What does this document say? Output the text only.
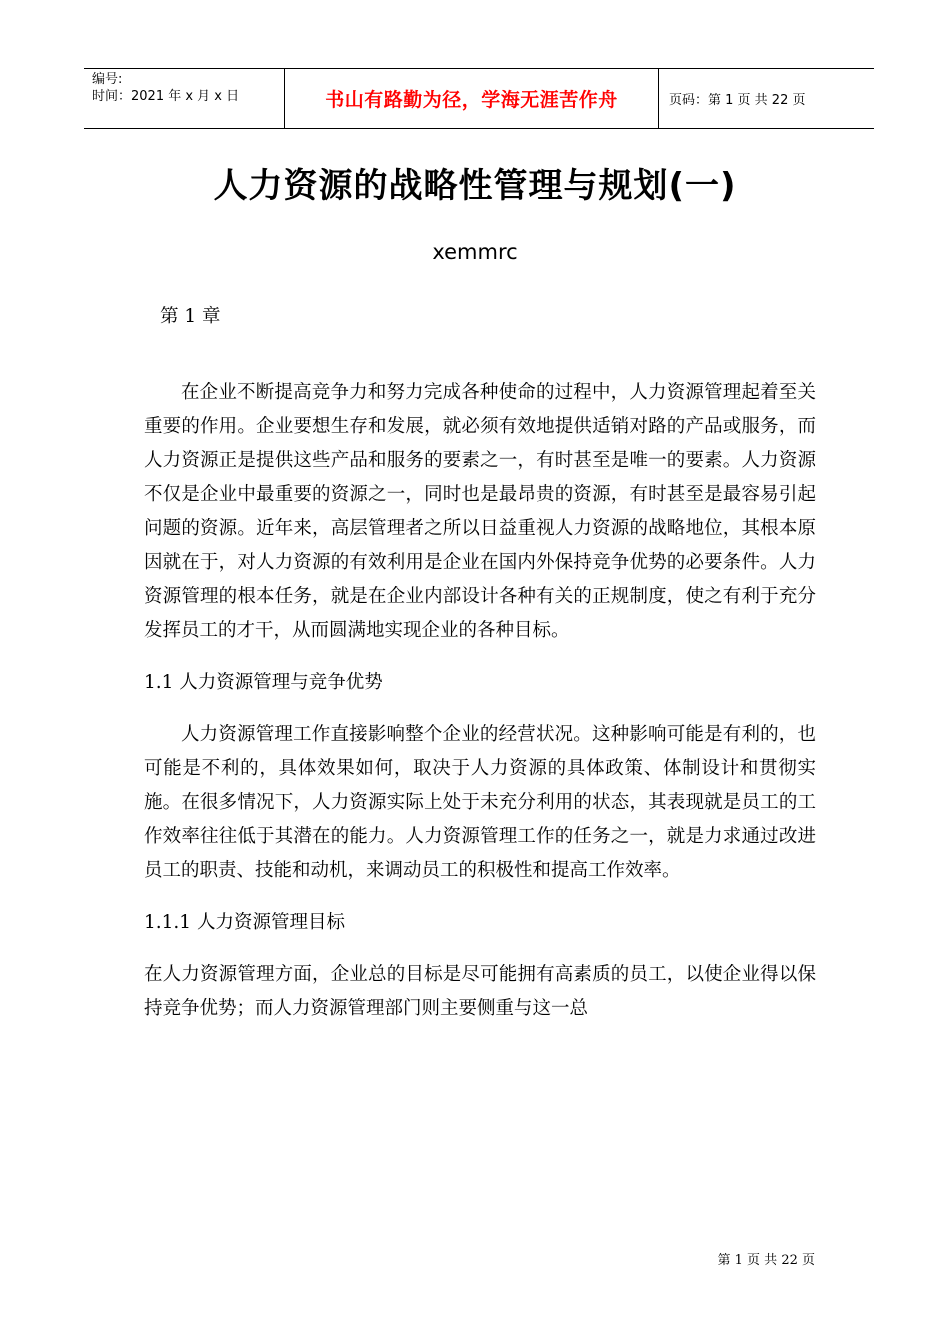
编号:
时间：2021 年 x 月 x 日	书山有路勤为径，学海无涯苦作舟	页码：第 1 页 共 22 页
人力资源的战略性管理与规划(一)
xemmrc
第 1 章

在企业不断提高竞争力和努力完成各种使命的过程中，人力资源管理起着至关重要的作用。企业要想生存和发展，就必须有效地提供适销对路的产品或服务，而人力资源正是提供这些产品和服务的要素之一，有时甚至是唯一的要素。人力资源不仅是企业中最重要的资源之一，同时也是最昂贵的资源，有时甚至是最容易引起问题的资源。近年来，高层管理者之所以日益重视人力资源的战略地位，其根本原因就在于，对人力资源的有效利用是企业在国内外保持竞争优势的必要条件。人力资源管理的根本任务，就是在企业内部设计各种有关的正规制度，使之有利于充分发挥员工的才干，从而圆满地实现企业的各种目标。

1.1 人力资源管理与竞争优势

人力资源管理工作直接影响整个企业的经营状况。这种影响可能是有利的，也可能是不利的，具体效果如何，取决于人力资源的具体政策、体制设计和贯彻实施。在很多情况下，人力资源实际上处于未充分利用的状态，其表现就是员工的工作效率往往低于其潜在的能力。人力资源管理工作的任务之一，就是力求通过改进员工的职责、技能和动机，来调动员工的积极性和提高工作效率。

1.1.1 人力资源管理目标

在人力资源管理方面，企业总的目标是尽可能拥有高素质的员工，以使企业得以保持竞争优势；而人力资源管理部门则主要侧重与这一总

第 1 页 共 22 页
